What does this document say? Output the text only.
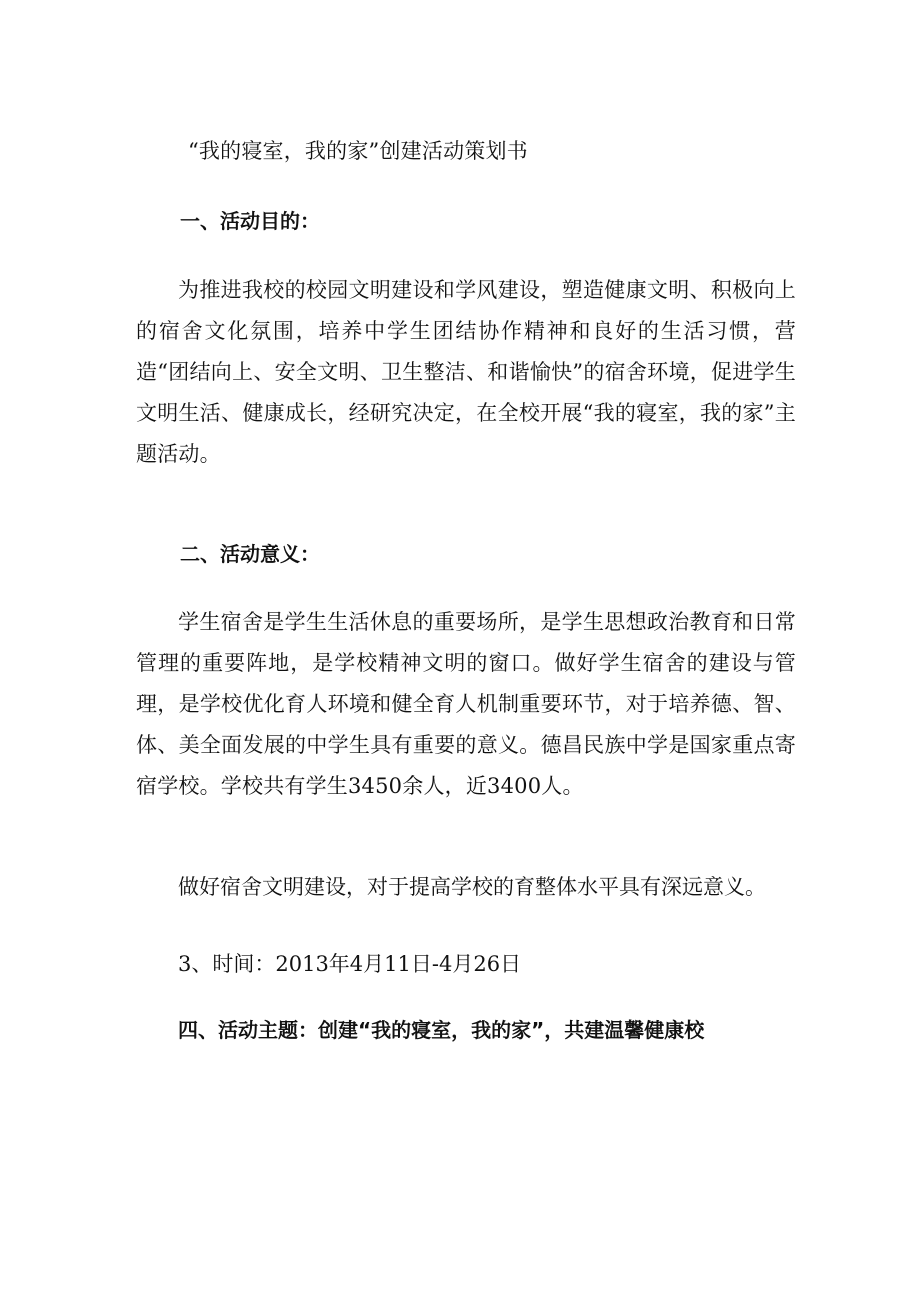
“我的寝室，我的家”创建活动策划书
一、活动目的：
为推进我校的校园文明建设和学风建设，塑造健康文明、积极向上的宿舍文化氛围，培养中学生团结协作精神和良好的生活习惯，营造“团结向上、安全文明、卫生整洁、和谐愉快”的宿舍环境，促进学生文明生活、健康成长，经研究决定，在全校开展“我的寝室，我的家”主题活动。
二、活动意义：
学生宿舍是学生生活休息的重要场所，是学生思想政治教育和日常管理的重要阵地，是学校精神文明的窗口。做好学生宿舍的建设与管理，是学校优化育人环境和健全育人机制重要环节，对于培养德、智、体、美全面发展的中学生具有重要的意义。德昌民族中学是国家重点寄宿学校。学校共有学生3450余人，近3400人。
做好宿舍文明建设，对于提高学校的育整体水平具有深远意义。
3、时间：2013年4月11日-4月26日
四、活动主题：创建“我的寝室，我的家”，共建温馨健康校
